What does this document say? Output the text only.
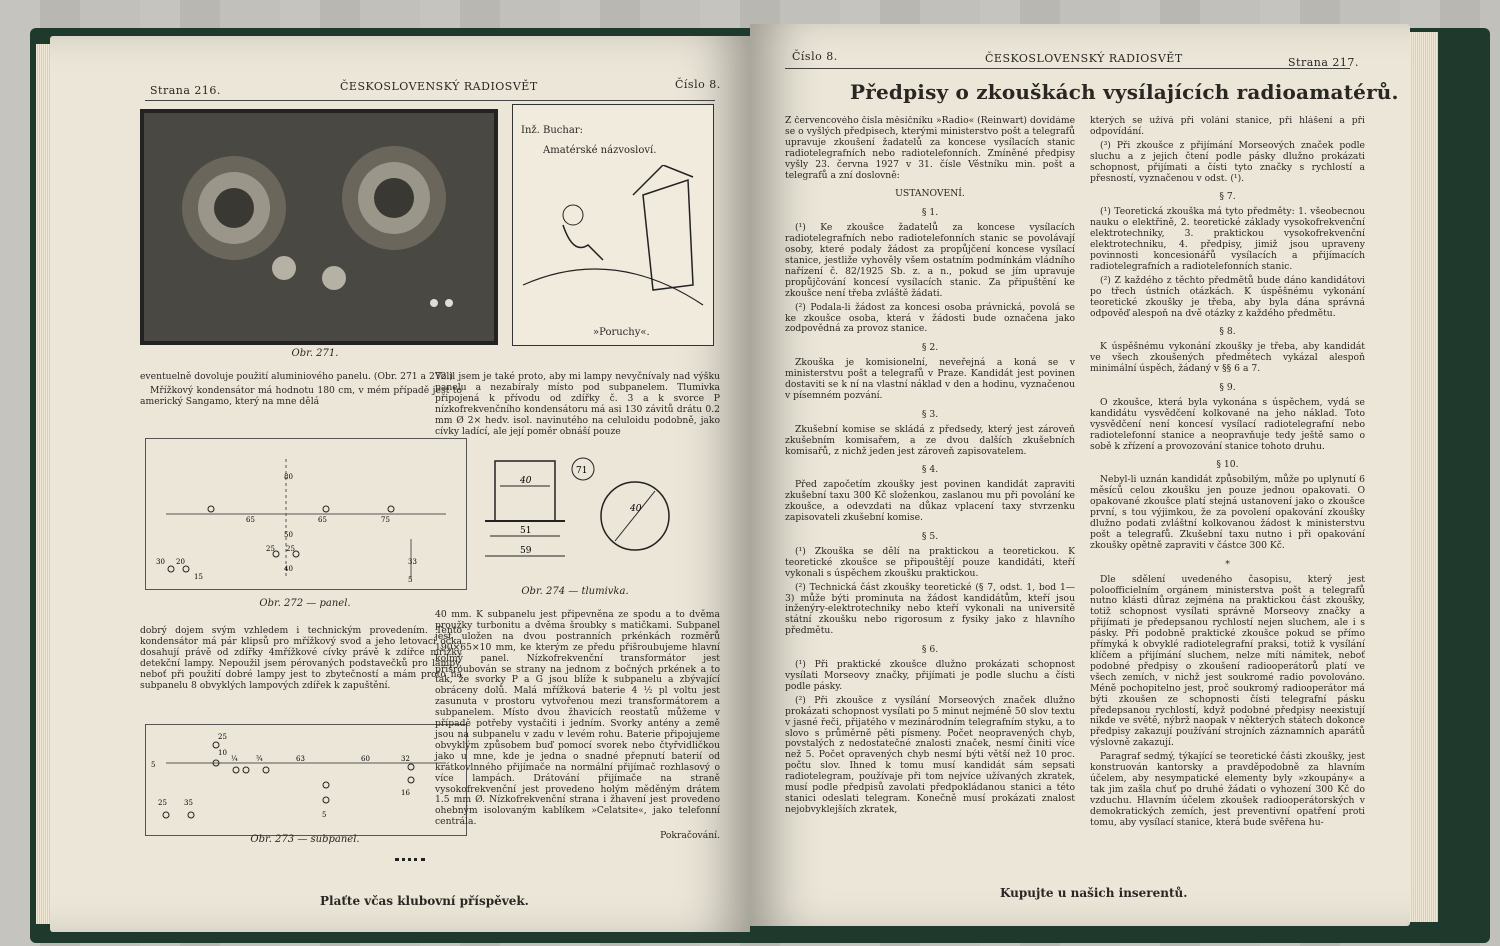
Strana 216.	ČESKOSLOVENSKÝ RADIOSVĚT	Číslo 8.
Obr. 271.
Inž. Buchar:
Amatérské názvosloví.
»Poruchy«.

eventuelně dovoluje použití aluminiového panelu. (Obr. 271 a 272.)

Mřížkový kondensátor má hodnotu 180 cm, v mém případě jest to americký Sangamo, který na mne dělá

80
65	65	75
50
25 25
40
30 20
15
33
5
Obr. 272 — panel.

dobrý dojem svým vzhledem i technickým provedením. Tento kondensátor má pár klipsů pro mřížkový svod a jeho letovací očka dosahují právě od zdířky 4mřížkové cívky právě k zdířce mřížky detekční lampy. Nepoužil jsem pérovaných podstavečků pro lampy, neboť při použití dobré lampy jest to zbytečností a mám proto na subpanelu 8 obvyklých lampových zdířek k zapuštění.

25
10
5
¼	¾	63	60	32
25 35
5
16
Obr. 273 — subpanel.

Volil jsem je také proto, aby mi lampy nevyčnívaly nad výšku panelu a nezabíraly místo pod subpanelem. Tlumivka připojená k přívodu od zdířky č. 3 a k svorce P nízkofrekvenčního kondensátoru má asi 130 závitů drátu 0.2 mm Ø 2× hedv. isol. navinutého na celuloidu podobně, jako cívky ladící, ale její poměr obnáší pouze

40
51
59
71
40
Obr. 274 — tlumivka.

40 mm. K subpanelu jest připevněna ze spodu a to dvěma proužky turbonitu a dvěma šroubky s matičkami. Subpanel jest uložen na dvou postranních prkénkách rozměrů 190×65×10 mm, ke kterým ze předu přišroubujeme hlavní kolmý panel. Nízkofrekvenční transformátor jest přišroubován se strany na jednom z bočných prkének a to tak, že svorky P a G jsou blíže k subpanelu a zbývající obráceny dolů. Malá mřížková baterie 4 ½ pl voltu jest zasunuta v prostoru vytvořenou mezi transformátorem a subpanelem. Místo dvou žhavicích reostatů můžeme v případě potřeby vystačiti i jedním. Svorky antény a země jsou na subpanelu v zadu v levém rohu. Baterie připojujeme obvyklým způsobem buď pomocí svorek nebo čtyřvidličkou jako u mne, kde je jedna o snadné přepnutí baterií od krátkovlnného přijímače na normální přijímač rozhlasový o více lampách. Drátování přijímače na straně vysokofrekvenční jest provedeno holým měděným drátem 1.5 mm Ø. Nízkofrekvenční strana i žhavení jest provedeno ohebným isolovaným kablíkem »Celatsite«, jako telefonní centrála.

Pokračování.

Plaťte včas klubovní příspěvek.
Číslo 8.	ČESKOSLOVENSKÝ RADIOSVĚT	Strana 217.
Předpisy o zkouškách vysílajících radioamatérů.

Z červencového čísla měsíčníku »Radio« (Reinwart) dovídáme se o vyšlých předpisech, kterými ministerstvo pošt a telegrafů upravuje zkoušení žadatelů za koncese vysílacích stanic radiotelegrafních nebo radiotelefonních. Zmíněné předpisy vyšly 23. června 1927 v 31. čísle Věstníku min. pošt a telegrafů a zní doslovně:

USTANOVENÍ.

§ 1.

(¹) Ke zkoušce žadatelů za koncese vysílacích radiotelegrafních nebo radiotelefonních stanic se povolávají osoby, které podaly žádost za propůjčení koncese vysílací stanice, jestliže vyhověly všem ostatním podmínkám vládního nařízení č. 82/1925 Sb. z. a n., pokud se jím upravuje propůjčování koncesí vysílacích stanic. Za připuštění ke zkoušce není třeba zvláště žádati.

(²) Podala-li žádost za koncesi osoba právnická, povolá se ke zkoušce osoba, která v žádosti bude označena jako zodpovědná za provoz stanice.

§ 2.

Zkouška je komisionelní, neveřejná a koná se v ministerstvu pošt a telegrafů v Praze. Kandidát jest povinen dostaviti se k ní na vlastní náklad v den a hodinu, vyznačenou v písemném pozvání.

§ 3.

Zkušební komise se skládá z předsedy, který jest zároveň zkušebním komisařem, a ze dvou dalších zkušebních komisařů, z nichž jeden jest zároveň zapisovatelem.

§ 4.

Před započetím zkoušky jest povinen kandidát zapraviti zkušební taxu 300 Kč složenkou, zaslanou mu při povolání ke zkoušce, a odevzdati na důkaz vplacení taxy stvrzenku zapisovateli zkušební komise.

§ 5.

(¹) Zkouška se dělí na praktickou a teoretickou. K teoretické zkoušce se připouštějí pouze kandidáti, kteří vykonali s úspěchem zkoušku praktickou.

(²) Technická část zkoušky teoretické (§ 7, odst. 1, bod 1—3) může býti prominuta na žádost kandidátům, kteří jsou inženýry-elektrotechniky nebo kteří vykonali na universitě státní zkoušku nebo rigorosum z fysiky jako z hlavního předmětu.

§ 6.

(¹) Při praktické zkoušce dlužno prokázati schopnost vysílati Morseovy značky, přijímati je podle sluchu a čísti podle pásky.

(²) Při zkoušce z vysílání Morseových značek dlužno prokázati schopnost vysílati po 5 minut nejméně 50 slov textu v jasné řeči, přijatého v mezinárodním telegrafním styku, a to slovo s průměrně pěti písmeny. Počet neopravených chyb, povstalých z nedostatečné znalosti značek, nesmí činiti více než 5. Počet opravených chyb nesmí býti větší než 10 proc. počtu slov. Ihned k tomu musí kandidát sám sepsati radiotelegram, používaje při tom nejvíce užívaných zkratek, musí podle předpisů zavolati předpokládanou stanici a této stanici odeslati telegram. Konečně musí prokázati znalost nejobvyklejších zkratek,

kterých se užívá při volání stanice, při hlášení a při odpovídání.

(³) Při zkoušce z přijímání Morseových značek podle sluchu a z jejich čtení podle pásky dlužno prokázati schopnost, přijímati a čísti tyto značky s rychlostí a přesností, vyznačenou v odst. (¹).

§ 7.

(¹) Teoretická zkouška má tyto předměty: 1. všeobecnou nauku o elektřině, 2. teoretické základy vysokofrekvenční elektrotechniky, 3. praktickou vysokofrekvenční elektrotechniku, 4. předpisy, jimiž jsou upraveny povinnosti koncesionářů vysílacích a přijímacích radiotelegrafních a radiotelefonních stanic.

(²) Z každého z těchto předmětů bude dáno kandidátovi po třech ústních otázkách. K úspěšnému vykonání teoretické zkoušky je třeba, aby byla dána správná odpověď alespoň na dvě otázky z každého předmětu.

§ 8.

K úspěšnému vykonání zkoušky je třeba, aby kandidát ve všech zkoušených předmětech vykázal alespoň minimální úspěch, žádaný v §§ 6 a 7.

§ 9.

O zkoušce, která byla vykonána s úspěchem, vydá se kandidátu vysvědčení kolkované na jeho náklad. Toto vysvědčení není koncesí vysílací radiotelegrafní nebo radiotelefonní stanice a neopravňuje tedy ještě samo o sobě k zřízení a provozování stanice tohoto druhu.

§ 10.

Nebyl-li uznán kandidát způsobilým, může po uplynutí 6 měsíců celou zkoušku jen pouze jednou opakovati. O opakované zkoušce platí stejná ustanovení jako o zkoušce první, s tou výjimkou, že za povolení opakování zkoušky dlužno podati zvláštní kolkovanou žádost k ministerstvu pošt a telegrafů. Zkušební taxu nutno i při opakování zkoušky opětně zapraviti v částce 300 Kč.

*

Dle sdělení uvedeného časopisu, který jest poloofficielním orgánem ministerstva pošt a telegrafů nutno klásti důraz zejména na praktickou část zkoušky, totiž schopnost vysílati správně Morseovy značky a přijímati je předepsanou rychlostí nejen sluchem, ale i s pásky. Při podobně praktické zkoušce pokud se přímo přímyká k obvyklé radiotelegrafní praksi, totiž k vysílání klíčem a přijímání sluchem, nelze míti námitek, neboť podobné předpisy o zkoušení radiooperátorů platí ve všech zemích, v nichž jest soukromé radio povolováno. Méně pochopitelno jest, proč soukromý radiooperátor má býti zkoušen ze schopnosti čísti telegrafní pásku předepsanou rychlostí, když podobné předpisy neexistují nikde ve světě, nýbrž naopak v některých státech dokonce předpisy zakazují používání strojních záznamních aparátů výslovně zakazují.

Paragraf sedmý, týkající se teoretické části zkoušky, jest konstruován kantorsky a pravděpodobně za hlavním účelem, aby nesympatické elementy byly »zkoupány« a tak jim zašla chuť po druhé žádati o vyhození 300 Kč do vzduchu. Hlavním účelem zkoušek radiooperátorských v demokratických zemích, jest preventivní opatření proti tomu, aby vysílací stanice, která bude svěřena hu-

Kupujte u našich inserentů.
